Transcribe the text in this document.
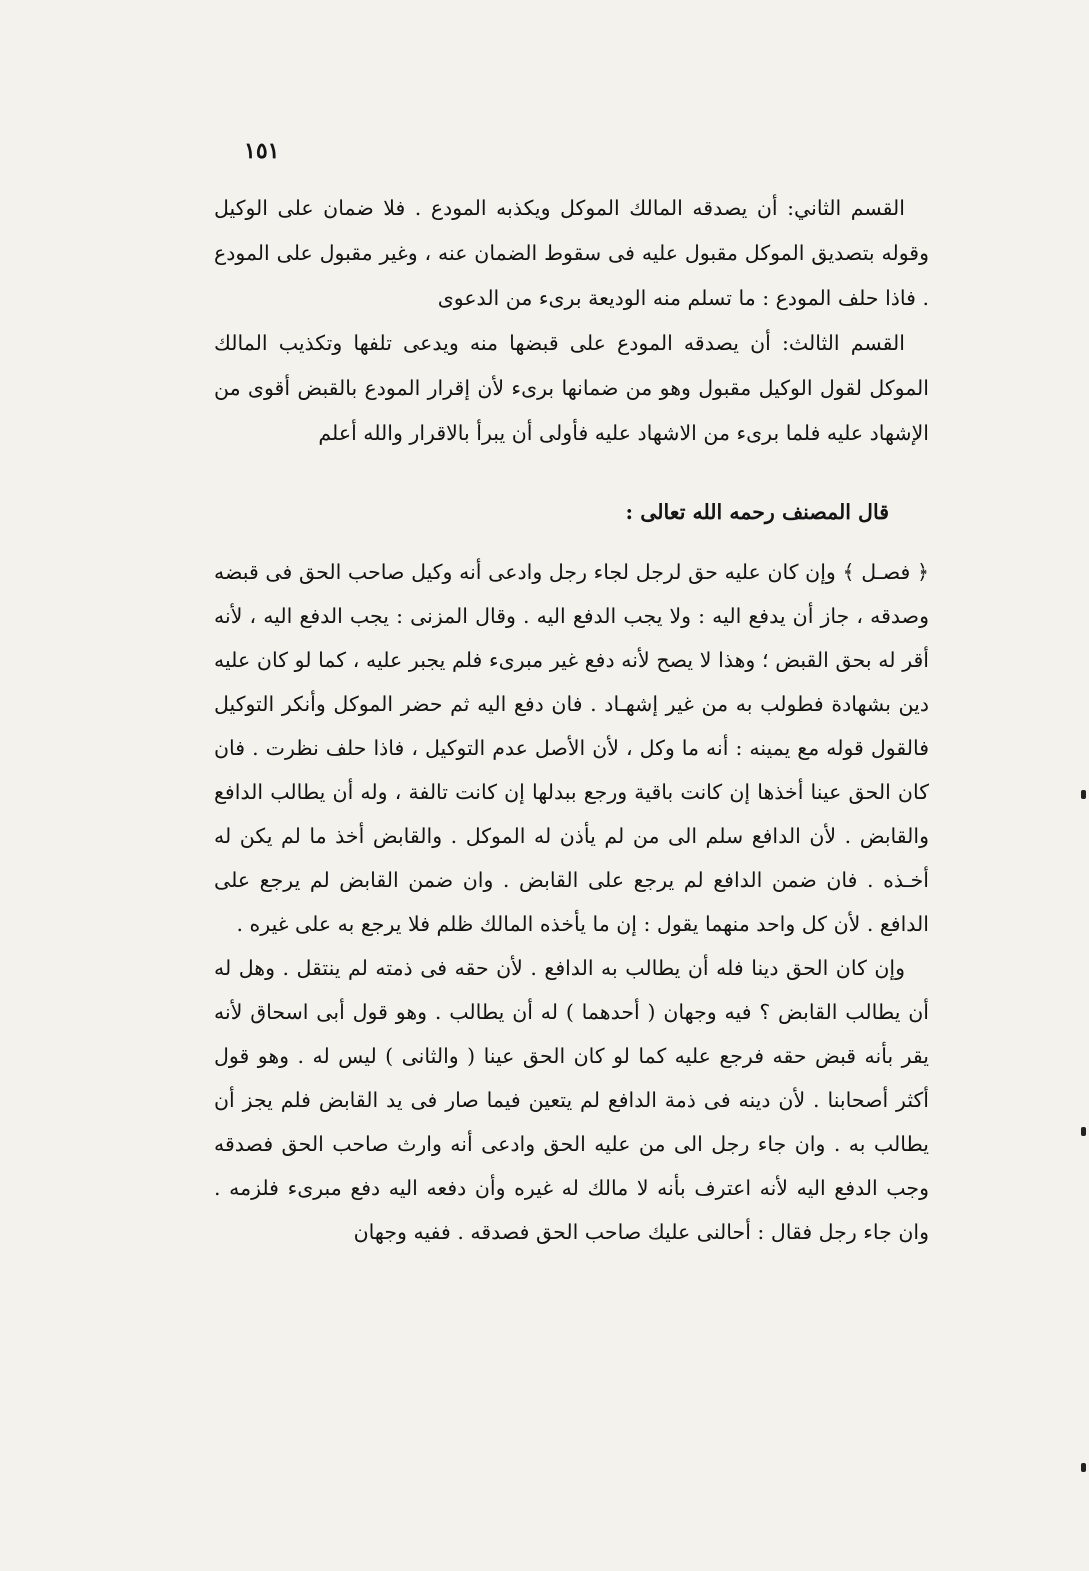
١٥١

القسم الثاني: أن يصدقه المالك الموكل ويكذبه المودع . فلا ضمان على الوكيل وقوله بتصديق الموكل مقبول عليه فى سقوط الضمان عنه ، وغير مقبول على المودع . فاذا حلف المودع : ما تسلم منه الوديعة برىء من الدعوى

القسم الثالث: أن يصدقه المودع على قبضها منه ويدعى تلفها وتكذيب المالك الموكل لقول الوكيل مقبول وهو من ضمانها برىء لأن إقرار المودع بالقبض أقوى من الإشهاد عليه فلما برىء من الاشهاد عليه فأولى أن يبرأ بالاقرار والله أعلم

قال المصنف رحمه الله تعالى :

﴿ فصـل ﴾ وإن كان عليه حق لرجل لجاء رجل وادعى أنه وكيل صاحب الحق فى قبضه وصدقه ، جاز أن يدفع اليه : ولا يجب الدفع اليه . وقال المزنى : يجب الدفع اليه ، لأنه أقر له بحق القبض ؛ وهذا لا يصح لأنه دفع غير مبرىء فلم يجبر عليه ، كما لو كان عليه دين بشهادة فطولب به من غير إشهـاد . فان دفع اليه ثم حضر الموكل وأنكر التوكيل فالقول قوله مع يمينه : أنه ما وكل ، لأن الأصل عدم التوكيل ، فاذا حلف نظرت . فان كان الحق عينا أخذها إن كانت باقية ورجع ببدلها إن كانت تالفة ، وله أن يطالب الدافع والقابض . لأن الدافع سلم الى من لم يأذن له الموكل . والقابض أخذ ما لم يكن له أخـذه . فان ضمن الدافع لم يرجع على القابض . وان ضمن القابض لم يرجع على الدافع . لأن كل واحد منهما يقول : إن ما يأخذه المالك ظلم فلا يرجع به على غيره .

وإن كان الحق دينا فله أن يطالب به الدافع . لأن حقه فى ذمته لم ينتقل . وهل له أن يطالب القابض ؟ فيه وجهان ( أحدهما ) له أن يطالب . وهو قول أبى اسحاق لأنه يقر بأنه قبض حقه فرجع عليه كما لو كان الحق عينا ( والثانى ) ليس له . وهو قول أكثر أصحابنا . لأن دينه فى ذمة الدافع لم يتعين فيما صار فى يد القابض فلم يجز أن يطالب به . وان جاء رجل الى من عليه الحق وادعى أنه وارث صاحب الحق فصدقه وجب الدفع اليه لأنه اعترف بأنه لا مالك له غيره وأن دفعه اليه دفع مبرىء فلزمه . وان جاء رجل فقال : أحالنى عليك صاحب الحق فصدقه . ففيه وجهان
